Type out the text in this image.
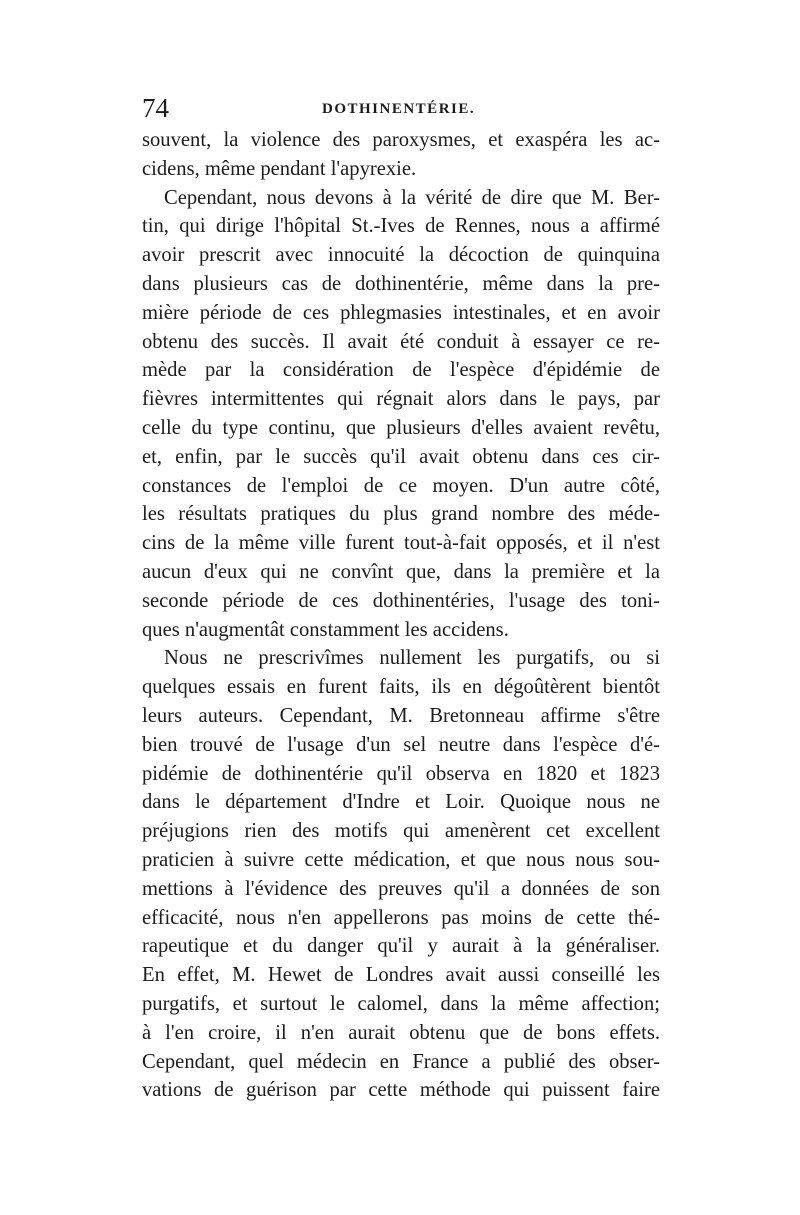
74	DOTHINENTÉRIE.
souvent, la violence des paroxysmes, et exaspéra les ac-
cidens, même pendant l'apyrexie.
Cependant, nous devons à la vérité de dire que M. Ber-
tin, qui dirige l'hôpital St.-Ives de Rennes, nous a affirmé
avoir prescrit avec innocuité la décoction de quinquina
dans plusieurs cas de dothinentérie, même dans la pre-
mière période de ces phlegmasies intestinales, et en avoir
obtenu des succès. Il avait été conduit à essayer ce re-
mède par la considération de l'espèce d'épidémie de
fièvres intermittentes qui régnait alors dans le pays, par
celle du type continu, que plusieurs d'elles avaient revêtu,
et, enfin, par le succès qu'il avait obtenu dans ces cir-
constances de l'emploi de ce moyen. D'un autre côté,
les résultats pratiques du plus grand nombre des méde-
cins de la même ville furent tout-à-fait opposés, et il n'est
aucun d'eux qui ne convînt que, dans la première et la
seconde période de ces dothinentéries, l'usage des toni-
ques n'augmentât constamment les accidens.
Nous ne prescrivîmes nullement les purgatifs, ou si
quelques essais en furent faits, ils en dégoûtèrent bientôt
leurs auteurs. Cependant, M. Bretonneau affirme s'être
bien trouvé de l'usage d'un sel neutre dans l'espèce d'é-
pidémie de dothinentérie qu'il observa en 1820 et 1823
dans le département d'Indre et Loir. Quoique nous ne
préjugions rien des motifs qui amenèrent cet excellent
praticien à suivre cette médication, et que nous nous sou-
mettions à l'évidence des preuves qu'il a données de son
efficacité, nous n'en appellerons pas moins de cette thé-
rapeutique et du danger qu'il y aurait à la généraliser.
En effet, M. Hewet de Londres avait aussi conseillé les
purgatifs, et surtout le calomel, dans la même affection;
à l'en croire, il n'en aurait obtenu que de bons effets.
Cependant, quel médecin en France a publié des obser-
vations de guérison par cette méthode qui puissent faire
